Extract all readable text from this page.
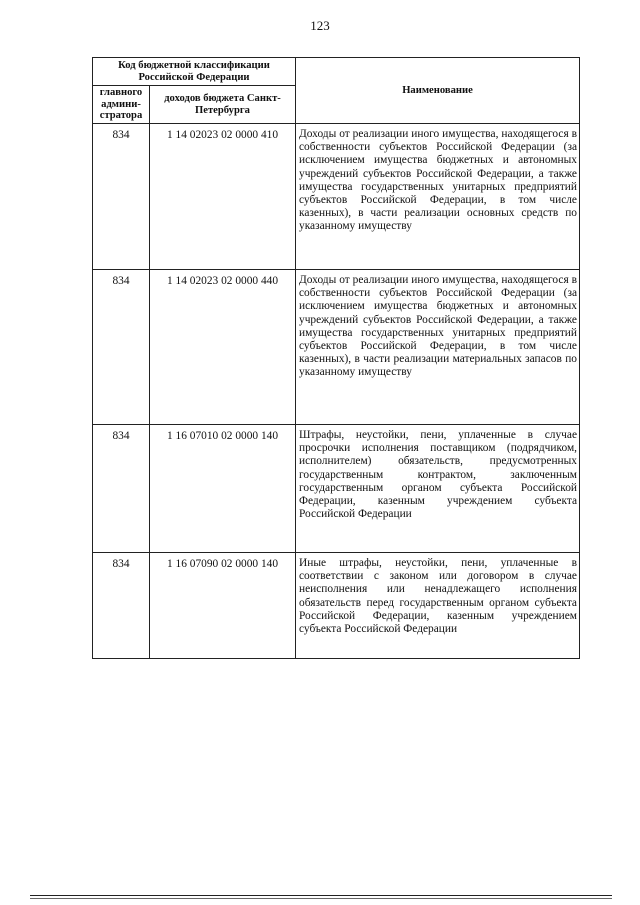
123
Код бюджетной классификации Российской Федерации		Наименование
главного админи-стратора	доходов бюджета Санкт-Петербурга	
834	1 14 02023 02 0000 410	Доходы от реализации иного имущества, находящегося в собственности субъектов Российской Федерации (за исключением имущества бюджетных и автономных учреждений субъектов Российской Федерации, а также имущества государственных унитарных предприятий субъектов Российской Федерации, в том числе казенных), в части реализации основных средств по указанному имуществу
834	1 14 02023 02 0000 440	Доходы от реализации иного имущества, находящегося в собственности субъектов Российской Федерации (за исключением имущества бюджетных и автономных учреждений субъектов Российской Федерации, а также имущества государственных унитарных предприятий субъектов Российской Федерации, в том числе казенных), в части реализации материальных запасов по указанному имуществу
834	1 16 07010 02 0000 140	Штрафы, неустойки, пени, уплаченные в случае просрочки исполнения поставщиком (подрядчиком, исполнителем) обязательств, предусмотренных государственным контрактом, заключенным государственным органом субъекта Российской Федерации, казенным учреждением субъекта Российской Федерации
834	1 16 07090 02 0000 140	Иные штрафы, неустойки, пени, уплаченные в соответствии с законом или договором в случае неисполнения или ненадлежащего исполнения обязательств перед государственным органом субъекта Российской Федерации, казенным учреждением субъекта Российской Федерации
